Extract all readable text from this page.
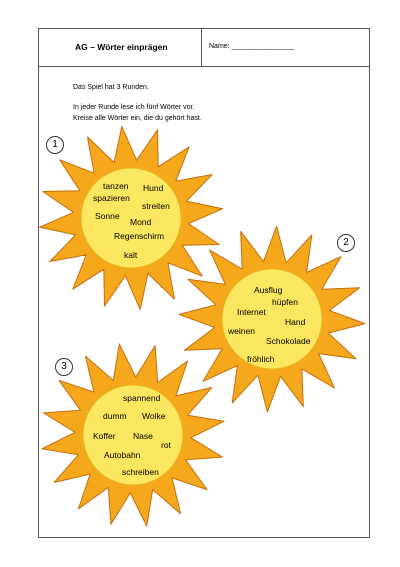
AG – Wörter einprägen	Name: ________________
Das Spiel hat 3 Runden.
In jeder Runde lese ich fünf Wörter vor.
Kreise alle Wörter ein, die du gehört hast.
1
tanzen Hund
spazieren
streiten
Sonne
Mond
Regenschirm
kalt
2
Ausflug
hüpfen
Internet
Hand
weinen
Schokolade
fröhlich
3
spannend
dumm Wolke
Koffer Nase
rot
Autobahn
schreiben
